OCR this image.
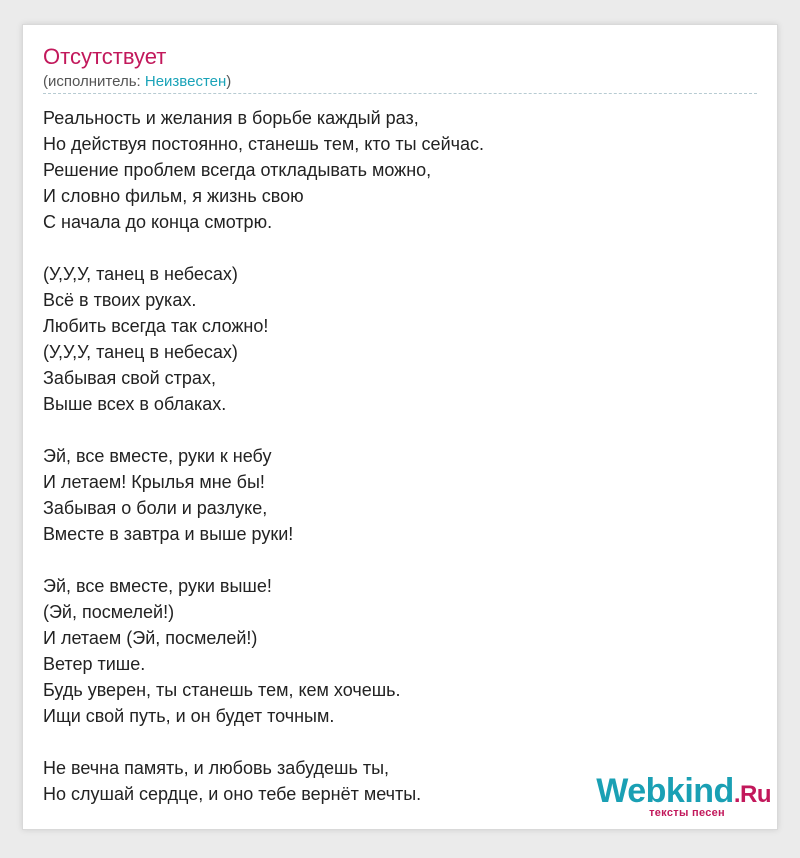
Отсутствует
(исполнитель: Неизвестен)
Реальность и желания в борьбе каждый раз,
Но действуя постоянно, станешь тем, кто ты сейчас.
Решение проблем всегда откладывать можно,
И словно фильм, я жизнь свою
С начала до конца смотрю.
(У,У,У, танец в небесах)
Всё в твоих руках.
Любить всегда так сложно!
(У,У,У, танец в небесах)
Забывая свой страх,
Выше всех в облаках.
Эй, все вместе, руки к небу
И летаем! Крылья мне бы!
Забывая о боли и разлуке,
Вместе в завтра и выше руки!
Эй, все вместе, руки выше!
(Эй, посмелей!)
И летаем (Эй, посмелей!)
Ветер тише.
Будь уверен, ты станешь тем, кем хочешь.
Ищи свой путь, и он будет точным.
Не вечна память, и любовь забудешь ты,
Но слушай сердце, и оно тебе вернёт мечты.	Webkind.Ru
тексты песен
